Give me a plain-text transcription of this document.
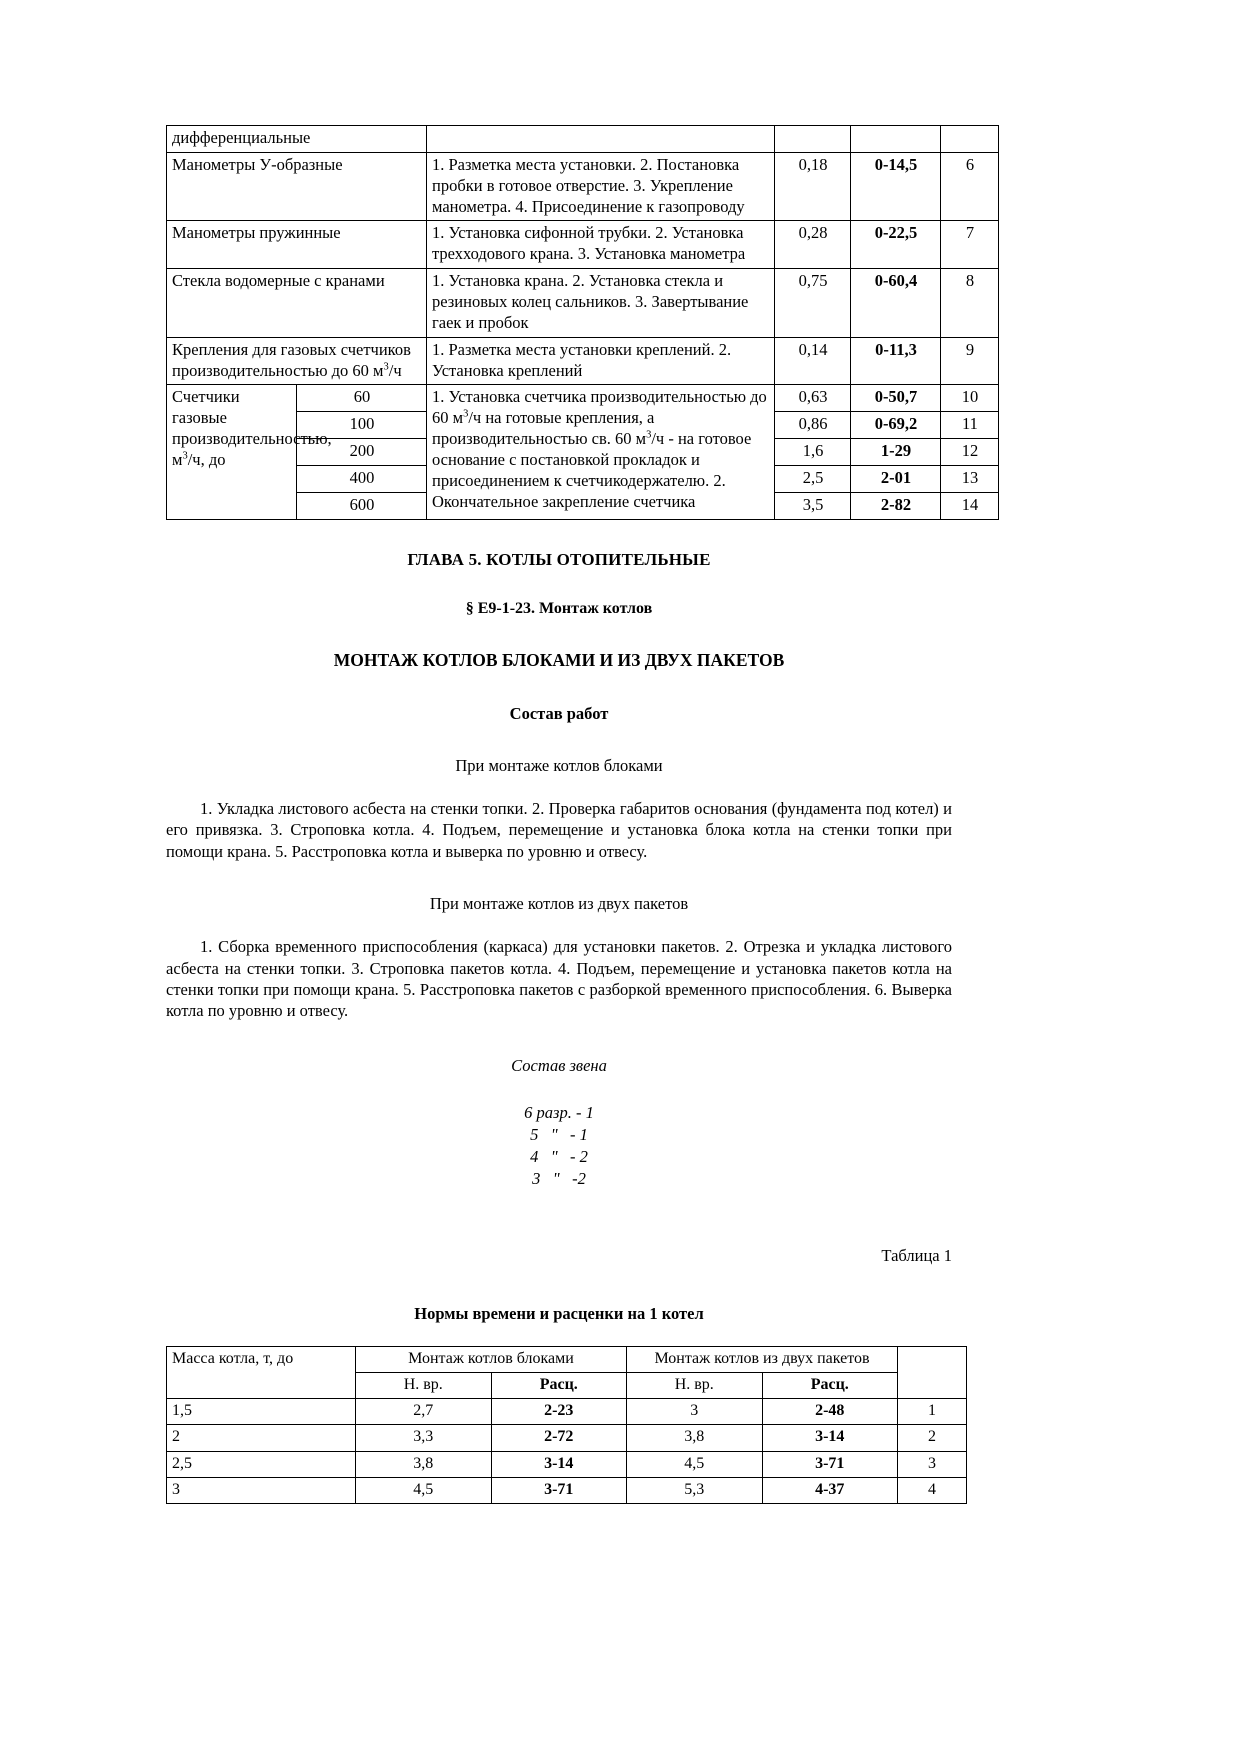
дифференциальные					
Манометры У-образные		1. Разметка места установки. 2. Постановка пробки в готовое отверстие. 3. Укрепление манометра. 4. Присоединение к газопроводу	0,18	0-14,5	6
Манометры пружинные		1. Установка сифонной трубки. 2. Установка трехходового крана. 3. Установка манометра	0,28	0-22,5	7
Стекла водомерные с кранами		1. Установка крана. 2. Установка стекла и резиновых колец сальников. 3. Завертывание гаек и пробок	0,75	0-60,4	8
Крепления для газовых счетчиков производительностью до 60 $м^3/ч$		1. Разметка места установки креплений. 2. Установка креплений	0,14	0-11,3	9
Счетчики газовые производительностью, $м^3/ч$, до	60	1. Установка счетчика производительностью до 60 $м^3/ч$ на готовые крепления, а производительностью св. 60 $м^3/ч$ - на готовое основание с постановкой прокладок и присоединением к счетчикодержателю. 2. Окончательное закрепление счетчика	0,63	0-50,7	10
	100		0,86	0-69,2	11
	200		1,6	1-29	12
	400		2,5	2-01	13
	600		3,5	2-82	14
ГЛАВА 5. КОТЛЫ ОТОПИТЕЛЬНЫЕ
§ Е9-1-23. Монтаж котлов
МОНТАЖ КОТЛОВ БЛОКАМИ И ИЗ ДВУХ ПАКЕТОВ
Состав работ
При монтаже котлов блоками

1. Укладка листового асбеста на стенки топки. 2. Проверка габаритов основания (фундамента под котел) и его привязка. 3. Строповка котла. 4. Подъем, перемещение и установка блока котла на стенки топки при помощи крана. 5. Расстроповка котла и выверка по уровню и отвесу.

При монтаже котлов из двух пакетов

1. Сборка временного приспособления (каркаса) для установки пакетов. 2. Отрезка и укладка листового асбеста на стенки топки. 3. Строповка пакетов котла. 4. Подъем, перемещение и установка пакетов котла на стенки топки при помощи крана. 5. Расстроповка пакетов с разборкой временного приспособления. 6. Выверка котла по уровню и отвесу.

Состав звена
6 разр. - 1
5   "   - 1
4   "   - 2
3   "   -2
Таблица 1
Нормы времени и расценки на 1 котел
Масса котла, т, до	Монтаж котлов блоками		Монтаж котлов из двух пакетов		
	Н. вр.	Расц.	Н. вр.	Расц.	
1,5	2,7	2-23	3	2-48	1
2	3,3	2-72	3,8	3-14	2
2,5	3,8	3-14	4,5	3-71	3
3	4,5	3-71	5,3	4-37	4
